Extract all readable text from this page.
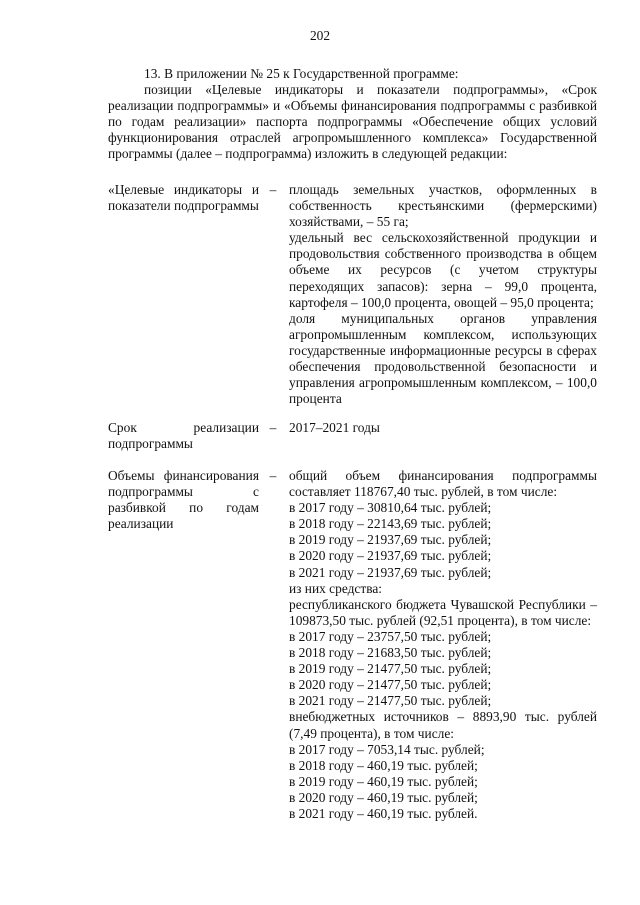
202
13. В приложении № 25 к Государственной программе:
позиции «Целевые индикаторы и показатели подпрограммы», «Срок реализации подпрограммы» и «Объемы финансирования подпрограммы с разбивкой по годам реализации» паспорта подпрограммы «Обеспечение общих условий функционирования отраслей агропромышленного комплекса» Государственной программы (далее – подпрограмма) изложить в следующей редакции:
«Целевые индикаторы и показатели подпрограммы
– площадь земельных участков, оформленных в собственность крестьянскими (фермерскими) хозяйствами, – 55 га;
удельный вес сельскохозяйственной продукции и продовольствия собственного производства в общем объеме их ресурсов (с учетом структуры переходящих запасов): зерна – 99,0 процента, картофеля – 100,0 процента, овощей – 95,0 процента;
доля муниципальных органов управления агропромышленным комплексом, использующих государственные информационные ресурсы в сферах обеспечения продовольственной безопасности и управления агропромышленным комплексом, – 100,0 процента
Срок реализации подпрограммы
– 2017–2021 годы
Объемы финансирования подпрограммы с разбивкой по годам реализации
– общий объем финансирования подпрограммы составляет 118767,40 тыс. рублей, в том числе:
в 2017 году – 30810,64 тыс. рублей;
в 2018 году – 22143,69 тыс. рублей;
в 2019 году – 21937,69 тыс. рублей;
в 2020 году – 21937,69 тыс. рублей;
в 2021 году – 21937,69 тыс. рублей;
из них средства:
республиканского бюджета Чувашской Республики – 109873,50 тыс. рублей (92,51 процента), в том числе:
в 2017 году – 23757,50 тыс. рублей;
в 2018 году – 21683,50 тыс. рублей;
в 2019 году – 21477,50 тыс. рублей;
в 2020 году – 21477,50 тыс. рублей;
в 2021 году – 21477,50 тыс. рублей;
внебюджетных источников – 8893,90 тыс. рублей (7,49 процента), в том числе:
в 2017 году – 7053,14 тыс. рублей;
в 2018 году – 460,19 тыс. рублей;
в 2019 году – 460,19 тыс. рублей;
в 2020 году – 460,19 тыс. рублей;
в 2021 году – 460,19 тыс. рублей.
